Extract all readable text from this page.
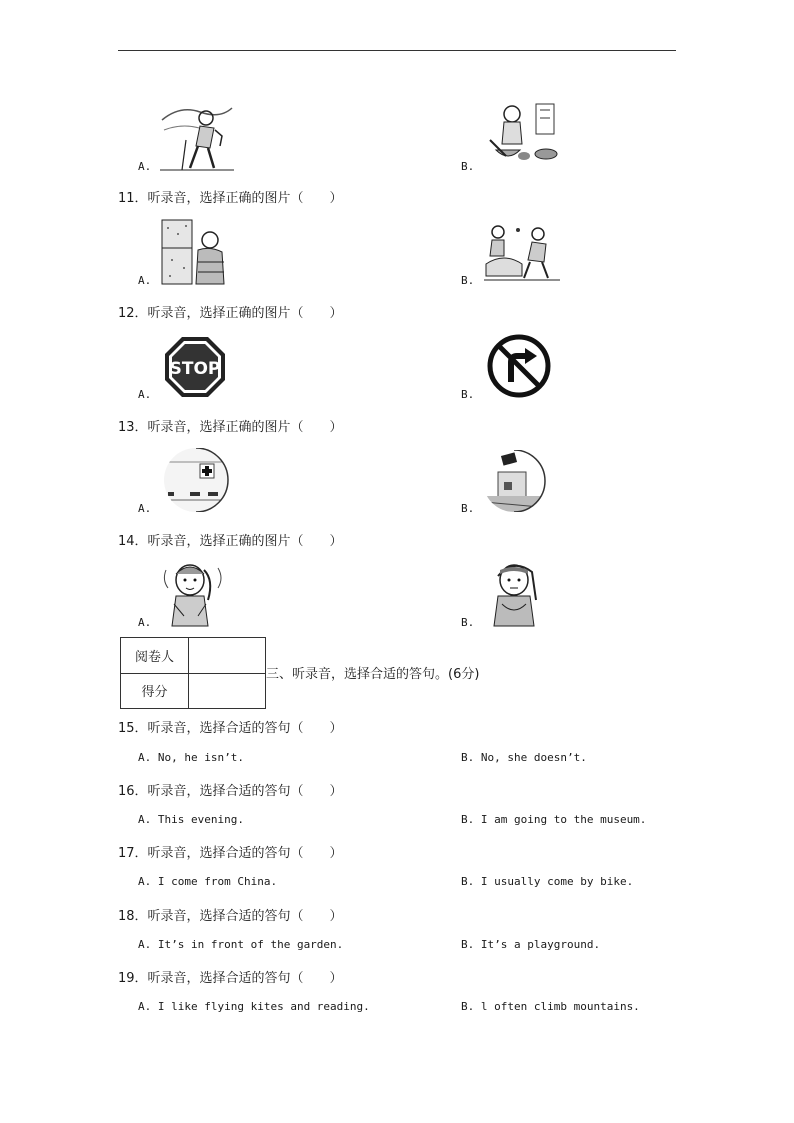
A.	B.
11．听录音，选择正确的图片（　　）
A.	B.
12．听录音，选择正确的图片（　　）
A.
STOP
B.
13．听录音，选择正确的图片（　　）
A.	B.
14．听录音，选择正确的图片（　　）
A.	B.
阅卷人	
得分	
三、听录音，选择合适的答句。(6分)
15．听录音，选择合适的答句（　　）
A. No, he isn’t.	B. No, she doesn’t.
16．听录音，选择合适的答句（　　）
A. This evening.	B. I am going to the museum.
17．听录音，选择合适的答句（　　）
A. I come from China.	B. I usually come by bike.
18．听录音，选择合适的答句（　　）
A. It’s in front of the garden.	B. It’s a playground.
19．听录音，选择合适的答句（　　）
A. I like flying kites and reading.	B. l often climb mountains.
